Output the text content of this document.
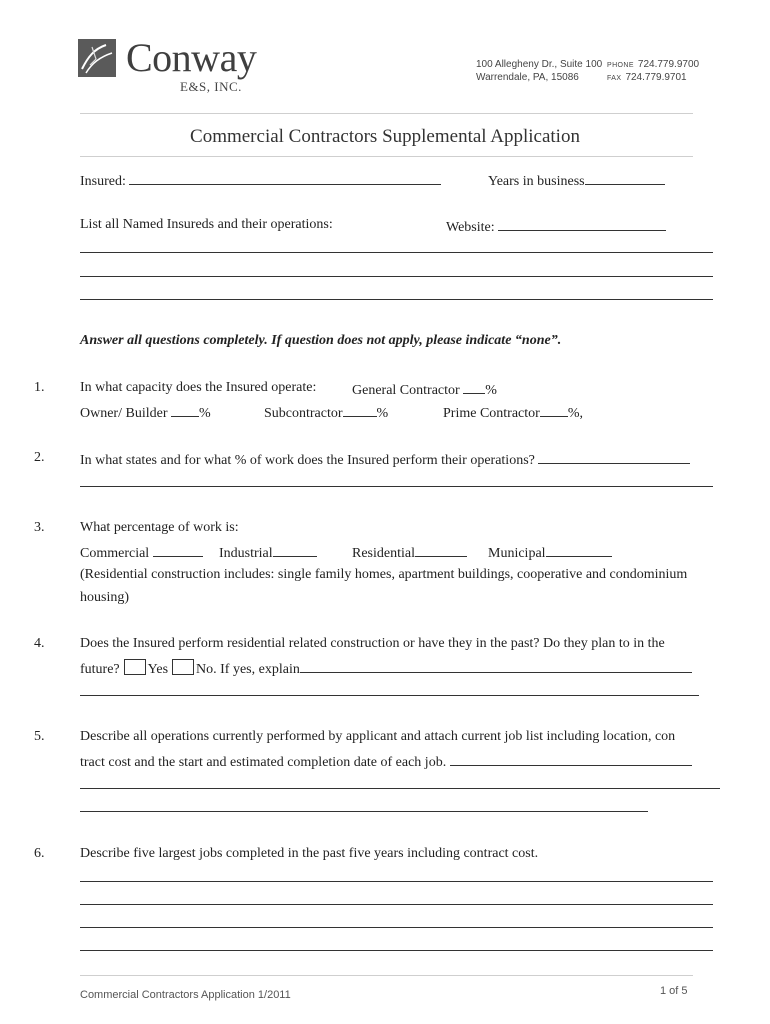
Conway
E&S, INC.
100 Allegheny Dr., Suite 100
Warrendale, PA, 15086
PHONE 724.779.9700
FAX 724.779.9701
Commercial Contractors Supplemental Application
Insured:	Years in business
List all Named Insureds and their operations:	Website:
Answer all questions completely. If question does not apply, please indicate “none”.
1.	In what capacity does the Insured operate:	General Contractor %
Owner/ Builder %	Subcontractor %	Prime Contractor %,
2.	In what states and for what % of work does the Insured perform their operations?
3.	What percentage of work is:
Commercial	Industrial	Residential	Municipal
(Residential construction includes: single family homes, apartment buildings, cooperative and condominium
housing)
4.	Does the Insured perform residential related construction or have they in the past? Do they plan to in the
future? Yes No. If yes, explain
5.	Describe all operations currently performed by applicant and attach current job list including location, con
tract cost and the start and estimated completion date of each job.
6.	Describe five largest jobs completed in the past five years including contract cost.
Commercial Contractors Application 1/2011	1 of 5
